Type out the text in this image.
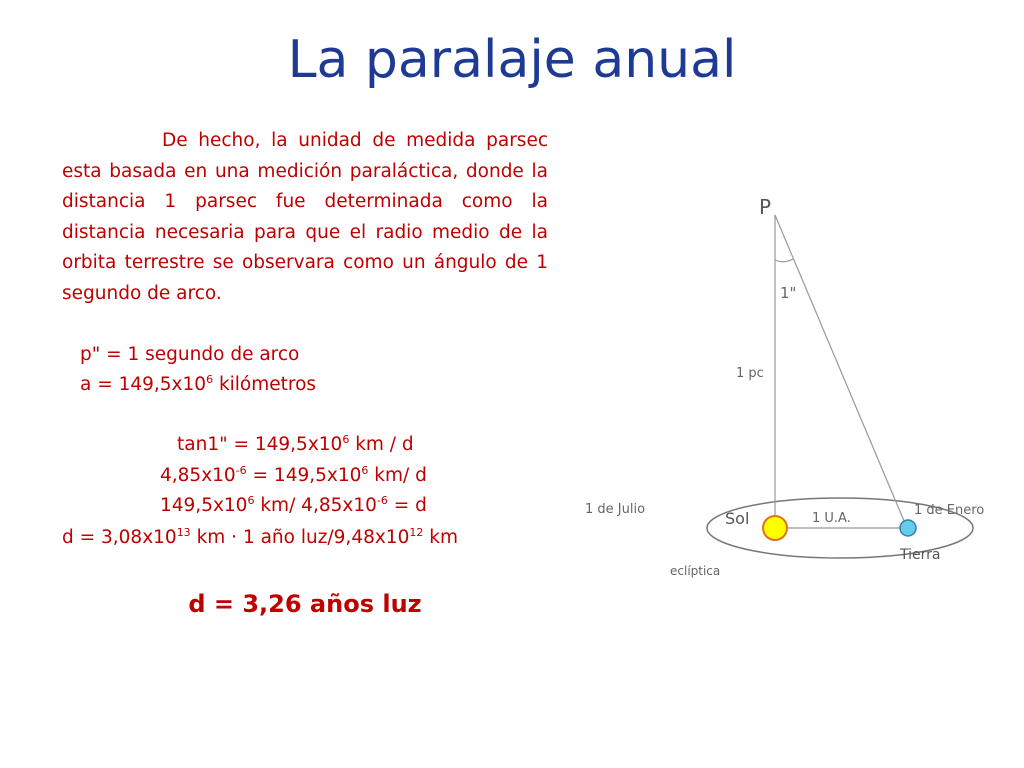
La paralaje anual
De hecho, la unidad de medida parsec esta basada en una medición paraláctica, donde la distancia 1 parsec fue determinada como la distancia necesaria para que el radio medio de la orbita terrestre se observara como un ángulo de 1 segundo de arco.
p" = 1 segundo de arco
$a = 149,5x10^6$ kilómetros
tan1" = $149,5x10^6$ km / d
$4,85x10^{-6} = 149,5x10^6$ km/ d
$149,5x10^6$ km/ $4,85x10^{-6} = d$
$d = 3,08x10^{13}$ km · 1 año luz/$9,48x10^{12}$ km
d = 3,26 años luz
P
1"
1 pc
1 de Julio	1 de Enero
Sol	1 U.A.
Tierra
eclíptica
